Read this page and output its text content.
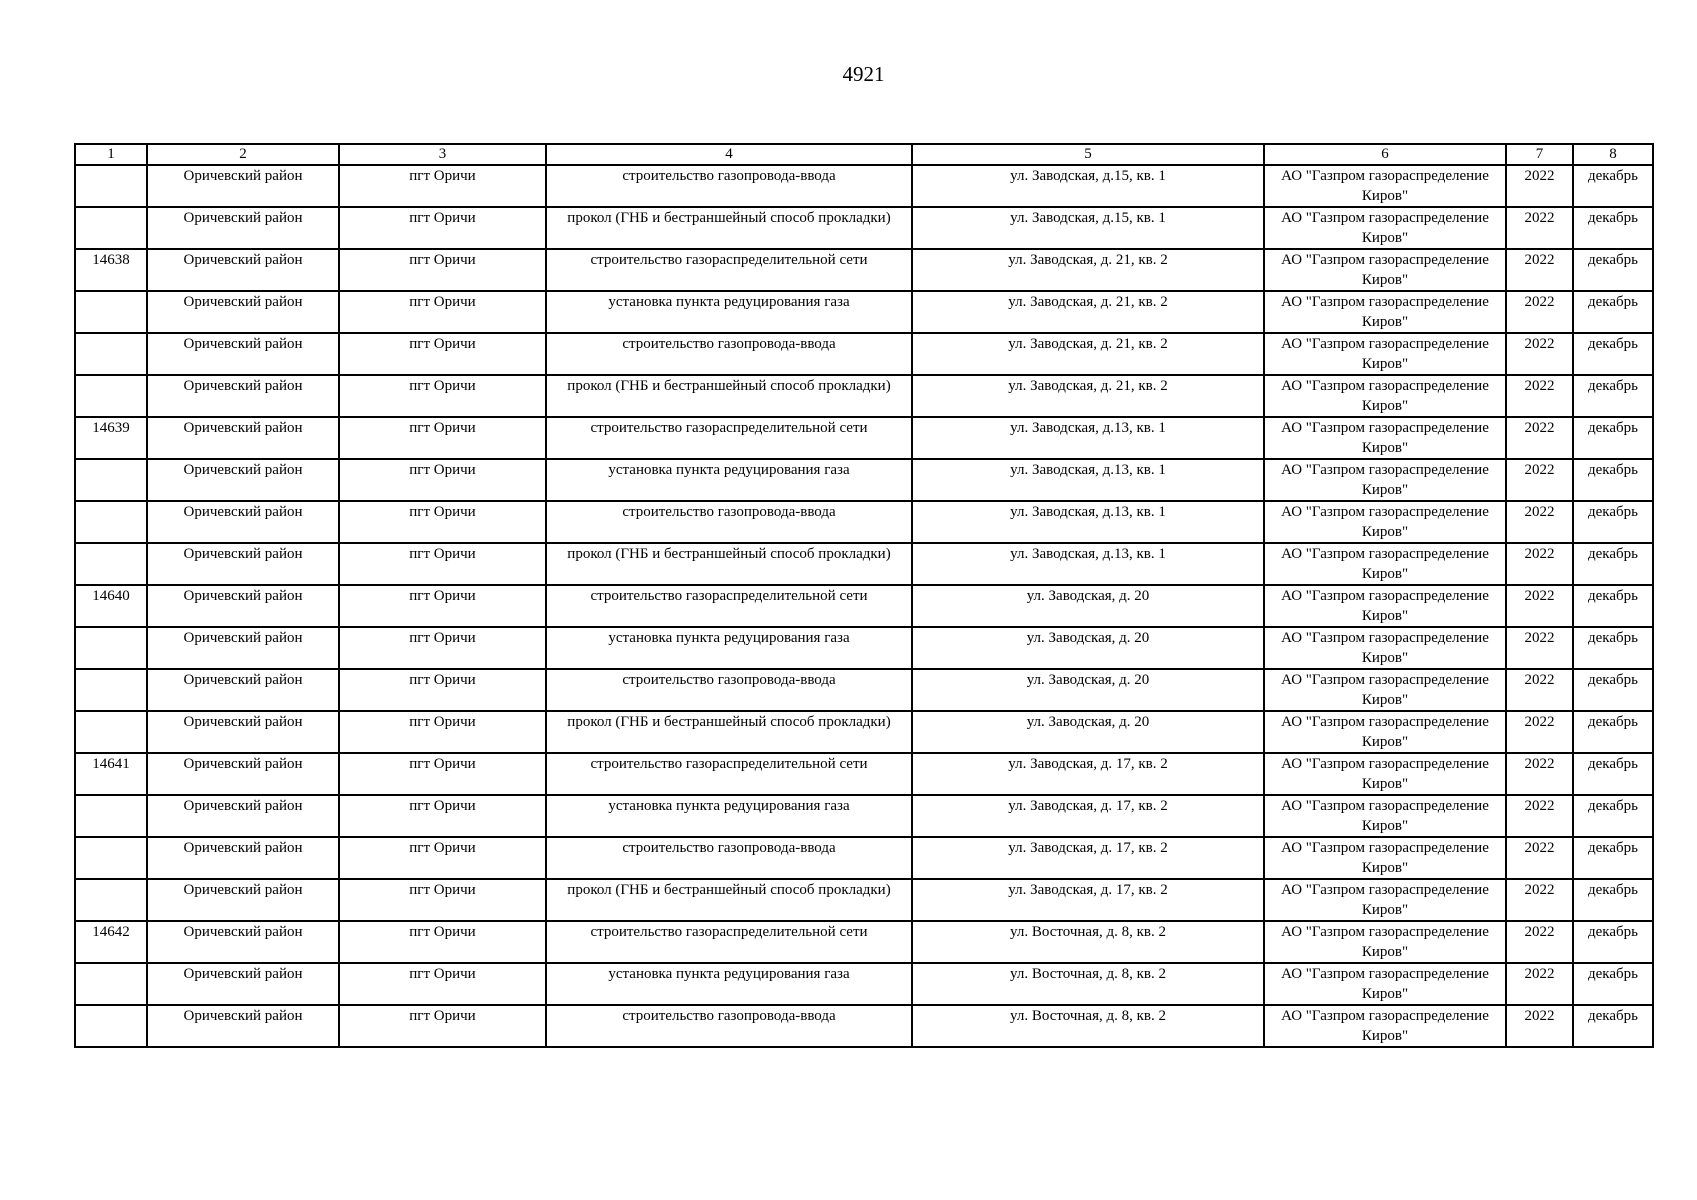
4921
1	2	3	4	5	6	7	8
	Оричевский район	пгт Оричи	строительство газопровода-ввода	ул. Заводская, д.15, кв. 1	АО "Газпром газораспределение Киров"	2022	декабрь
	Оричевский район	пгт Оричи	прокол (ГНБ и бестраншейный способ прокладки)	ул. Заводская, д.15, кв. 1	АО "Газпром газораспределение Киров"	2022	декабрь
14638	Оричевский район	пгт Оричи	строительство газораспределительной сети	ул. Заводская, д. 21, кв. 2	АО "Газпром газораспределение Киров"	2022	декабрь
	Оричевский район	пгт Оричи	установка пункта редуцирования газа	ул. Заводская, д. 21, кв. 2	АО "Газпром газораспределение Киров"	2022	декабрь
	Оричевский район	пгт Оричи	строительство газопровода-ввода	ул. Заводская, д. 21, кв. 2	АО "Газпром газораспределение Киров"	2022	декабрь
	Оричевский район	пгт Оричи	прокол (ГНБ и бестраншейный способ прокладки)	ул. Заводская, д. 21, кв. 2	АО "Газпром газораспределение Киров"	2022	декабрь
14639	Оричевский район	пгт Оричи	строительство газораспределительной сети	ул. Заводская, д.13, кв. 1	АО "Газпром газораспределение Киров"	2022	декабрь
	Оричевский район	пгт Оричи	установка пункта редуцирования газа	ул. Заводская, д.13, кв. 1	АО "Газпром газораспределение Киров"	2022	декабрь
	Оричевский район	пгт Оричи	строительство газопровода-ввода	ул. Заводская, д.13, кв. 1	АО "Газпром газораспределение Киров"	2022	декабрь
	Оричевский район	пгт Оричи	прокол (ГНБ и бестраншейный способ прокладки)	ул. Заводская, д.13, кв. 1	АО "Газпром газораспределение Киров"	2022	декабрь
14640	Оричевский район	пгт Оричи	строительство газораспределительной сети	ул. Заводская, д. 20	АО "Газпром газораспределение Киров"	2022	декабрь
	Оричевский район	пгт Оричи	установка пункта редуцирования газа	ул. Заводская, д. 20	АО "Газпром газораспределение Киров"	2022	декабрь
	Оричевский район	пгт Оричи	строительство газопровода-ввода	ул. Заводская, д. 20	АО "Газпром газораспределение Киров"	2022	декабрь
	Оричевский район	пгт Оричи	прокол (ГНБ и бестраншейный способ прокладки)	ул. Заводская, д. 20	АО "Газпром газораспределение Киров"	2022	декабрь
14641	Оричевский район	пгт Оричи	строительство газораспределительной сети	ул. Заводская, д. 17, кв. 2	АО "Газпром газораспределение Киров"	2022	декабрь
	Оричевский район	пгт Оричи	установка пункта редуцирования газа	ул. Заводская, д. 17, кв. 2	АО "Газпром газораспределение Киров"	2022	декабрь
	Оричевский район	пгт Оричи	строительство газопровода-ввода	ул. Заводская, д. 17, кв. 2	АО "Газпром газораспределение Киров"	2022	декабрь
	Оричевский район	пгт Оричи	прокол (ГНБ и бестраншейный способ прокладки)	ул. Заводская, д. 17, кв. 2	АО "Газпром газораспределение Киров"	2022	декабрь
14642	Оричевский район	пгт Оричи	строительство газораспределительной сети	ул. Восточная, д. 8, кв. 2	АО "Газпром газораспределение Киров"	2022	декабрь
	Оричевский район	пгт Оричи	установка пункта редуцирования газа	ул. Восточная, д. 8, кв. 2	АО "Газпром газораспределение Киров"	2022	декабрь
	Оричевский район	пгт Оричи	строительство газопровода-ввода	ул. Восточная, д. 8, кв. 2	АО "Газпром газораспределение Киров"	2022	декабрь
